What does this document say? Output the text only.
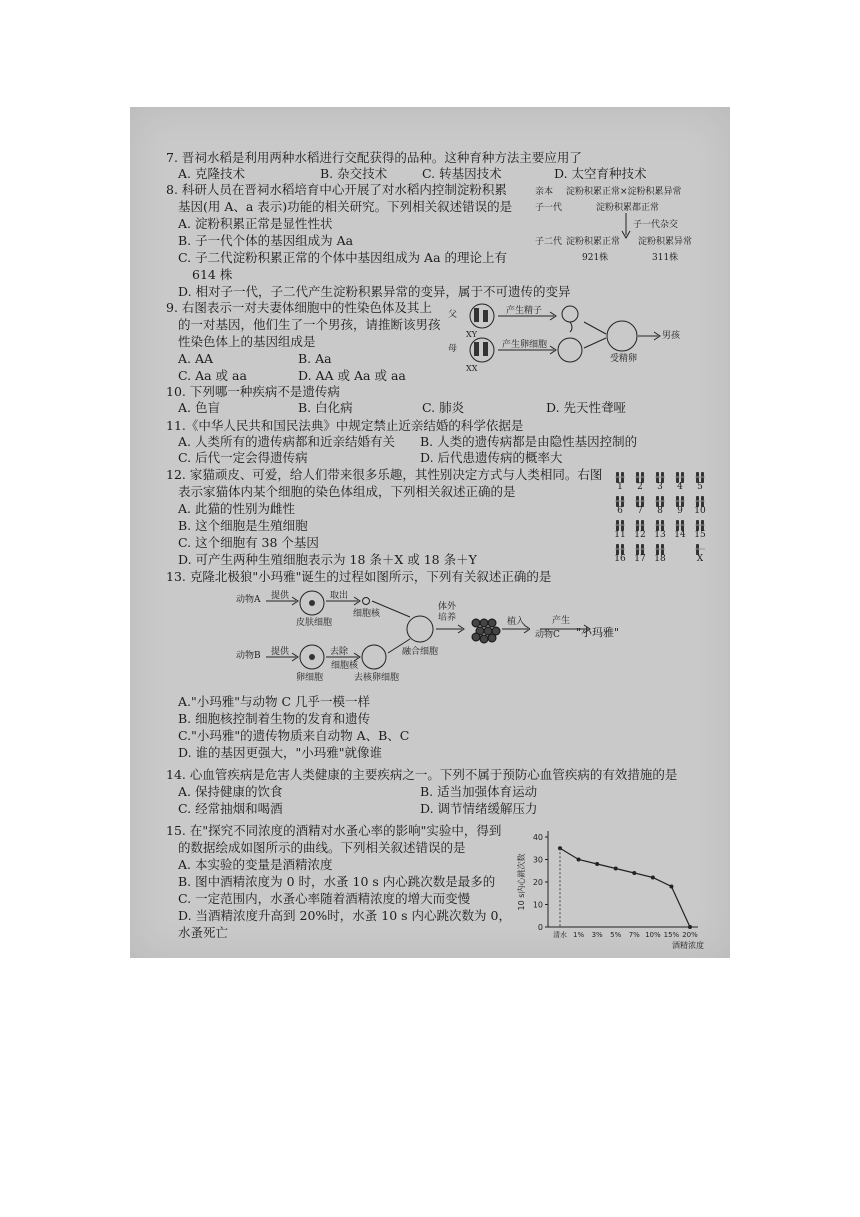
7. 晋祠水稻是利用两种水稻进行交配获得的品种。这种育种方法主要应用了
A. 克隆技术	B. 杂交技术	C. 转基因技术	D. 太空育种技术
8. 科研人员在晋祠水稻培育中心开展了对水稻内控制淀粉积累
基因(用 A、a 表示)功能的相关研究。下列相关叙述错误的是
A. 淀粉积累正常是显性性状
B. 子一代个体的基因组成为 Aa
C. 子二代淀粉积累正常的个体中基因组成为 Aa 的理论上有
614 株
D. 相对子一代，子二代产生淀粉积累异常的变异，属于不可遗传的变异
亲本 淀粉积累正常×淀粉积累异常
子一代	淀粉积累都正常
子一代杂交
子二代 淀粉积累正常 淀粉积累异常
921株	311株
9. 右图表示一对夫妻体细胞中的性染色体及其上
的一对基因，他们生了一个男孩，请推断该男孩
性染色体上的基因组成是
A. AA	B. Aa
C. Aa 或 aa	D. AA 或 Aa 或 aa
父
母
XY
XX
产生精子
产生卵细胞
受精卵
男孩
10. 下列哪一种疾病不是遗传病
A. 色盲	B. 白化病	C. 肺炎	D. 先天性聋哑
11.《中华人民共和国民法典》中规定禁止近亲结婚的科学依据是
A. 人类所有的遗传病都和近亲结婚有关 B. 人类的遗传病都是由隐性基因控制的
C. 后代一定会得遗传病	D. 后代患遗传病的概率大
12. 家猫顽皮、可爱，给人们带来很多乐趣，其性别决定方式与人类相同。右图
表示家猫体内某个细胞的染色体组成，下列相关叙述正确的是
A. 此猫的性别为雌性
B. 这个细胞是生殖细胞
C. 这个细胞有 38 个基因
D. 可产生两种生殖细胞表示为 18 条＋X 或 18 条＋Y
1	2	3	4	5
6	7	8	9	10
11 12 13 14 15
16 17 18	X
13. 克隆北极狼"小玛雅"诞生的过程如图所示，下列有关叙述正确的是
动物A 提供
皮肤细胞
取出
细胞核
动物B 提供
卵细胞
去除
细胞核
去核卵细胞
融合细胞
体外
培养	植入
动物C
产生
"小玛雅"
A."小玛雅"与动物 C 几乎一模一样
B. 细胞核控制着生物的发育和遗传
C."小玛雅"的遗传物质来自动物 A、B、C
D. 谁的基因更强大，"小玛雅"就像谁
14. 心血管疾病是危害人类健康的主要疾病之一。下列不属于预防心血管疾病的有效措施的是
A. 保持健康的饮食	B. 适当加强体育运动
C. 经常抽烟和喝酒	D. 调节情绪缓解压力
15. 在"探究不同浓度的酒精对水蚤心率的影响"实验中，得到
的数据绘成如图所示的曲线。下列相关叙述错误的是
A. 本实验的变量是酒精浓度
B. 图中酒精浓度为 0 时，水蚤 10 s 内心跳次数是最多的
C. 一定范围内，水蚤心率随着酒精浓度的增大而变慢
D. 当酒精浓度升高到 20%时，水蚤 10 s 内心跳次数为 0，
水蚤死亡	0
10
20
30
40
清水 1% 3% 5% 7% 10% 15% 20%
10 s内心跳次数
酒精浓度
